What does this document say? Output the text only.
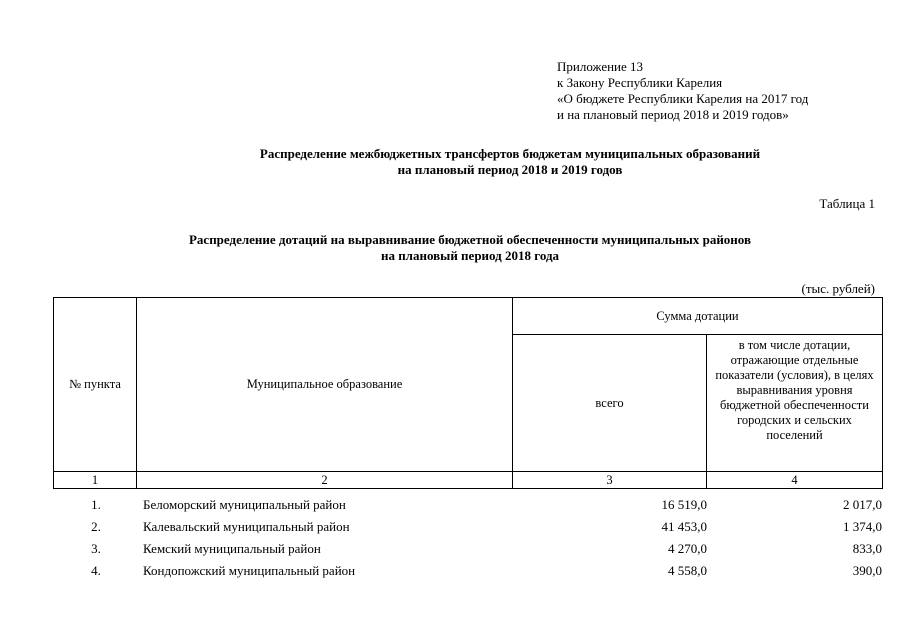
Приложение 13
к Закону Республики Карелия
«О бюджете Республики Карелия на 2017 год
и на плановый период 2018 и 2019 годов»
Распределение межбюджетных трансфертов бюджетам муниципальных образований
на плановый период 2018 и 2019 годов
Таблица 1
Распределение дотаций на выравнивание бюджетной обеспеченности муниципальных районов
на плановый период 2018 года
(тыс. рублей)
№ пункта	Муниципальное образование	Сумма дотации	
		всего	в том числе дотации, отражающие отдельные показатели (условия), в целях выравнивания уровня бюджетной обеспеченности городских и сельских поселений
1	2	3	4
1.	Беломорский муниципальный район	16 519,0	2 017,0
2.	Калевальский муниципальный район	41 453,0	1 374,0
3.	Кемский муниципальный район	4 270,0	833,0
4.	Кондопожский муниципальный район	4 558,0	390,0
